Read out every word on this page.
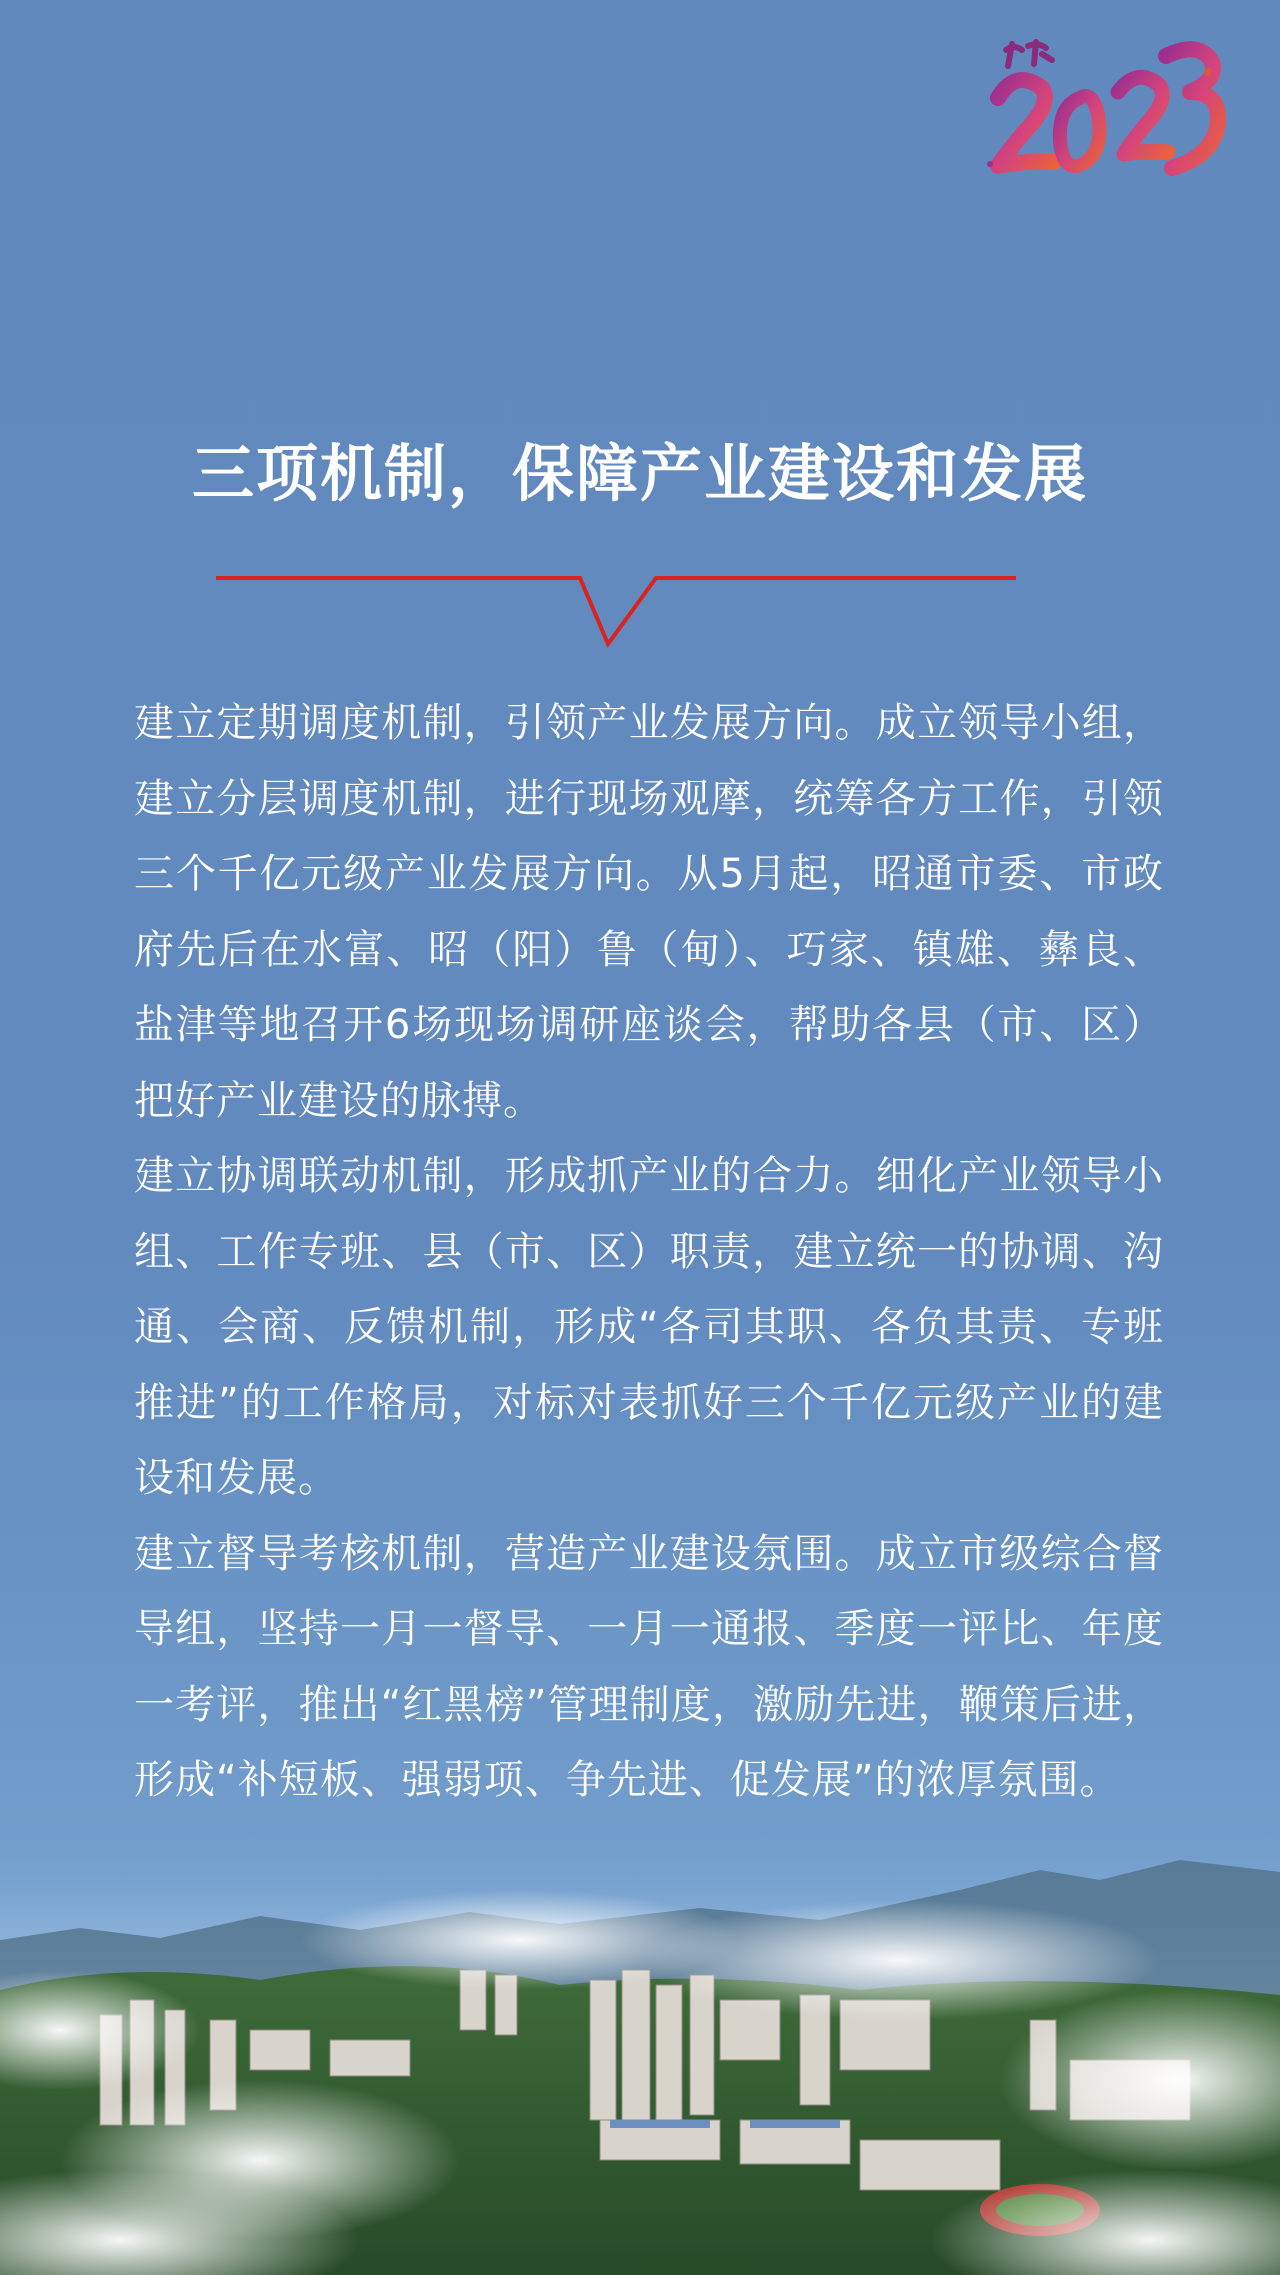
三项机制，保障产业建设和发展

建立定期调度机制，引领产业发展方向。成立领导小组，建立分层调度机制，进行现场观摩，统筹各方工作，引领三个千亿元级产业发展方向。从5月起，昭通市委、市政府先后在水富、昭（阳）鲁（甸）、巧家、镇雄、彝良、盐津等地召开6场现场调研座谈会，帮助各县（市、区）把好产业建设的脉搏。

建立协调联动机制，形成抓产业的合力。细化产业领导小组、工作专班、县（市、区）职责，建立统一的协调、沟通、会商、反馈机制，形成“各司其职、各负其责、专班推进”的工作格局，对标对表抓好三个千亿元级产业的建设和发展。

建立督导考核机制，营造产业建设氛围。成立市级综合督导组，坚持一月一督导、一月一通报、季度一评比、年度一考评，推出“红黑榜”管理制度，激励先进，鞭策后进，形成“补短板、强弱项、争先进、促发展”的浓厚氛围。
